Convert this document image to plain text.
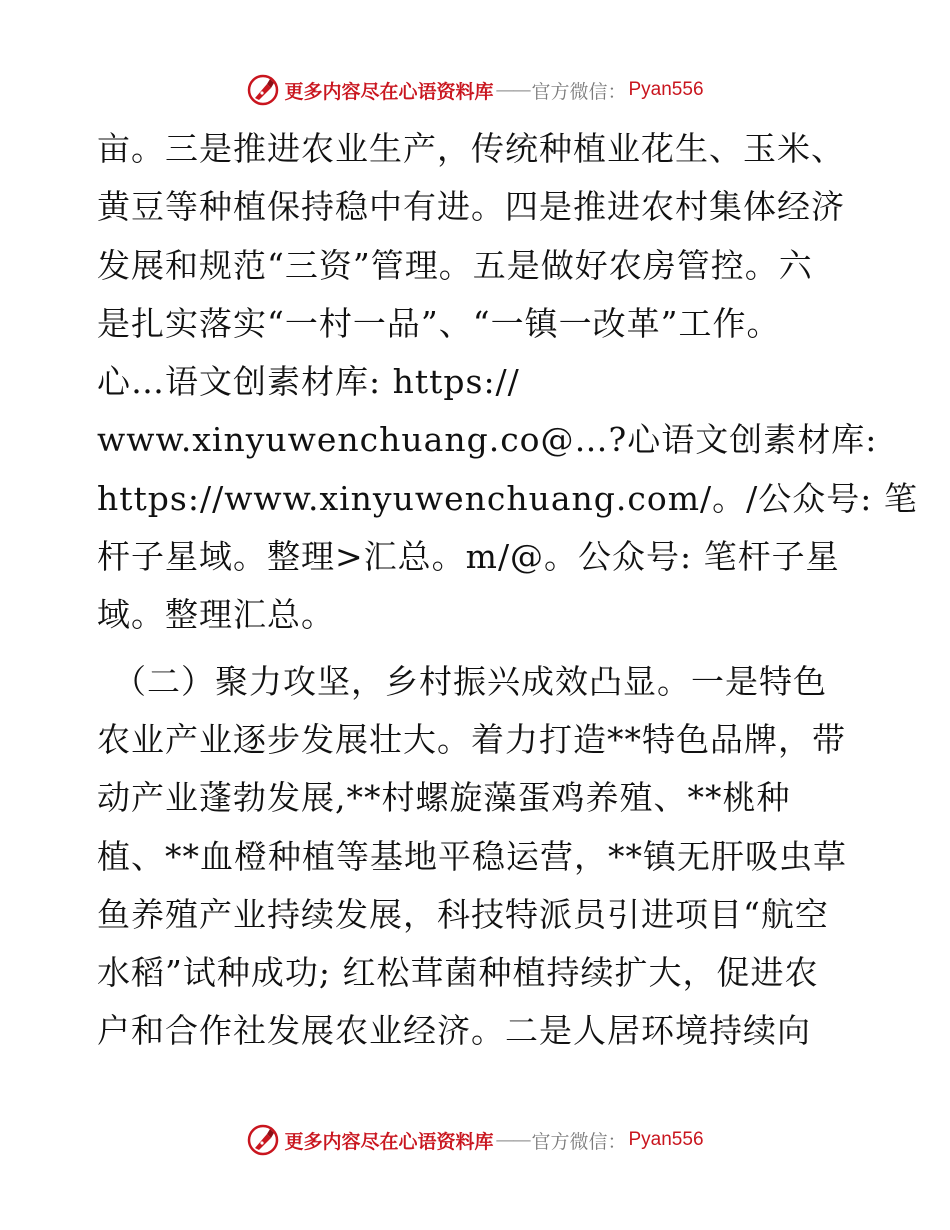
更多内容尽在心语资料库 —— 官方微信： Pyan556

亩。三是推进农业生产，传统种植业花生、玉米、
黄豆等种植保持稳中有进。四是推进农村集体经济
发展和规范“三资”管理。五是做好农房管控。六
是扎实落实“一村一品”、“一镇一改革”工作。
心…语文创素材库: https://
www.xinyuwenchuang.co@…?心语文创素材库:
https://www.xinyuwenchuang.com/。/公众号: 笔
杆子星域。整理>汇总。m/@。公众号: 笔杆子星
域。整理汇总。

（二）聚力攻坚，乡村振兴成效凸显。一是特色
农业产业逐步发展壮大。着力打造**特色品牌，带
动产业蓬勃发展,**村螺旋藻蛋鸡养殖、**桃种
植、**血橙种植等基地平稳运营，**镇无肝吸虫草
鱼养殖产业持续发展，科技特派员引进项目“航空
水稻”试种成功; 红松茸菌种植持续扩大，促进农
户和合作社发展农业经济。二是人居环境持续向

更多内容尽在心语资料库 —— 官方微信： Pyan556
